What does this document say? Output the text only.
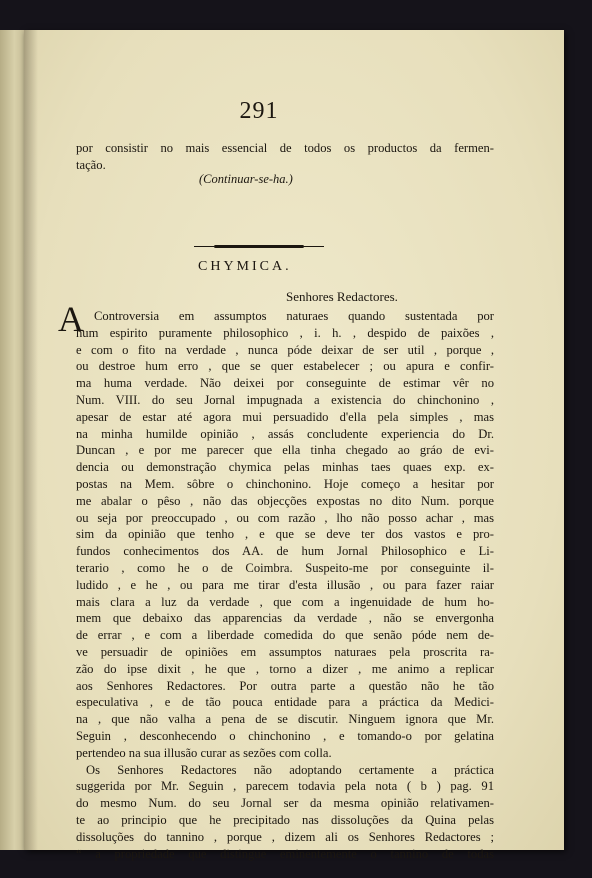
291
por consistir no mais essencial de todos os productos da fermen-
tação.
(Continuar-se-ha.)
CHYMICA.
Senhores Redactores.
A Controversia em assumptos naturaes quando sustentada por
hum espirito puramente philosophico , i. h. , despido de paixões ,
e com o fito na verdade , nunca póde deixar de ser util , porque ,
ou destroe hum erro , que se quer estabelecer ; ou apura e confir-
ma huma verdade. Não deixei por conseguinte de estimar vêr no
Num. VIII. do seu Jornal impugnada a existencia do chinchonino ,
apesar de estar até agora mui persuadido d'ella pela simples , mas
na minha humilde opinião , assás concludente experiencia do Dr.
Duncan , e por me parecer que ella tinha chegado ao gráo de evi-
dencia ou demonstração chymica pelas minhas taes quaes exp. ex-
postas na Mem. sôbre o chinchonino. Hoje começo a hesitar por
me abalar o pêso , não das objecções expostas no dito Num. porque
ou seja por preoccupado , ou com razão , lho não posso achar , mas
sim da opinião que tenho , e que se deve ter dos vastos e pro-
fundos conhecimentos dos AA. de hum Jornal Philosophico e Li-
terario , como he o de Coimbra. Suspeito-me por conseguinte il-
ludido , e he , ou para me tirar d'esta illusão , ou para fazer raiar
mais clara a luz da verdade , que com a ingenuidade de hum ho-
mem que debaixo das apparencias da verdade , não se envergonha
de errar , e com a liberdade comedida do que senão póde nem de-
ve persuadir de opiniões em assumptos naturaes pela proscrita ra-
zão do ipse dixit , he que , torno a dizer , me animo a replicar
aos Senhores Redactores. Por outra parte a questão não he tão
especulativa , e de tão pouca entidade para a práctica da Medici-
na , que não valha a pena de se discutir. Ninguem ignora que Mr.
Seguin , desconhecendo o chinchonino , e tomando-o por gelatina
pertendeo na sua illusão curar as sezões com colla.
Os Senhores Redactores não adoptando certamente a práctica
suggerida por Mr. Seguin , parecem todavia pela nota ( b ) pag. 91
do mesmo Num. do seu Jornal ser da mesma opinião relativamen-
te ao principio que he precipitado nas dissoluções da Quina pelas
dissoluções do tannino , porque , dizem ali os Senhores Redactores ;
“ a propriedade que distingue eminentemente o tannino de todas
